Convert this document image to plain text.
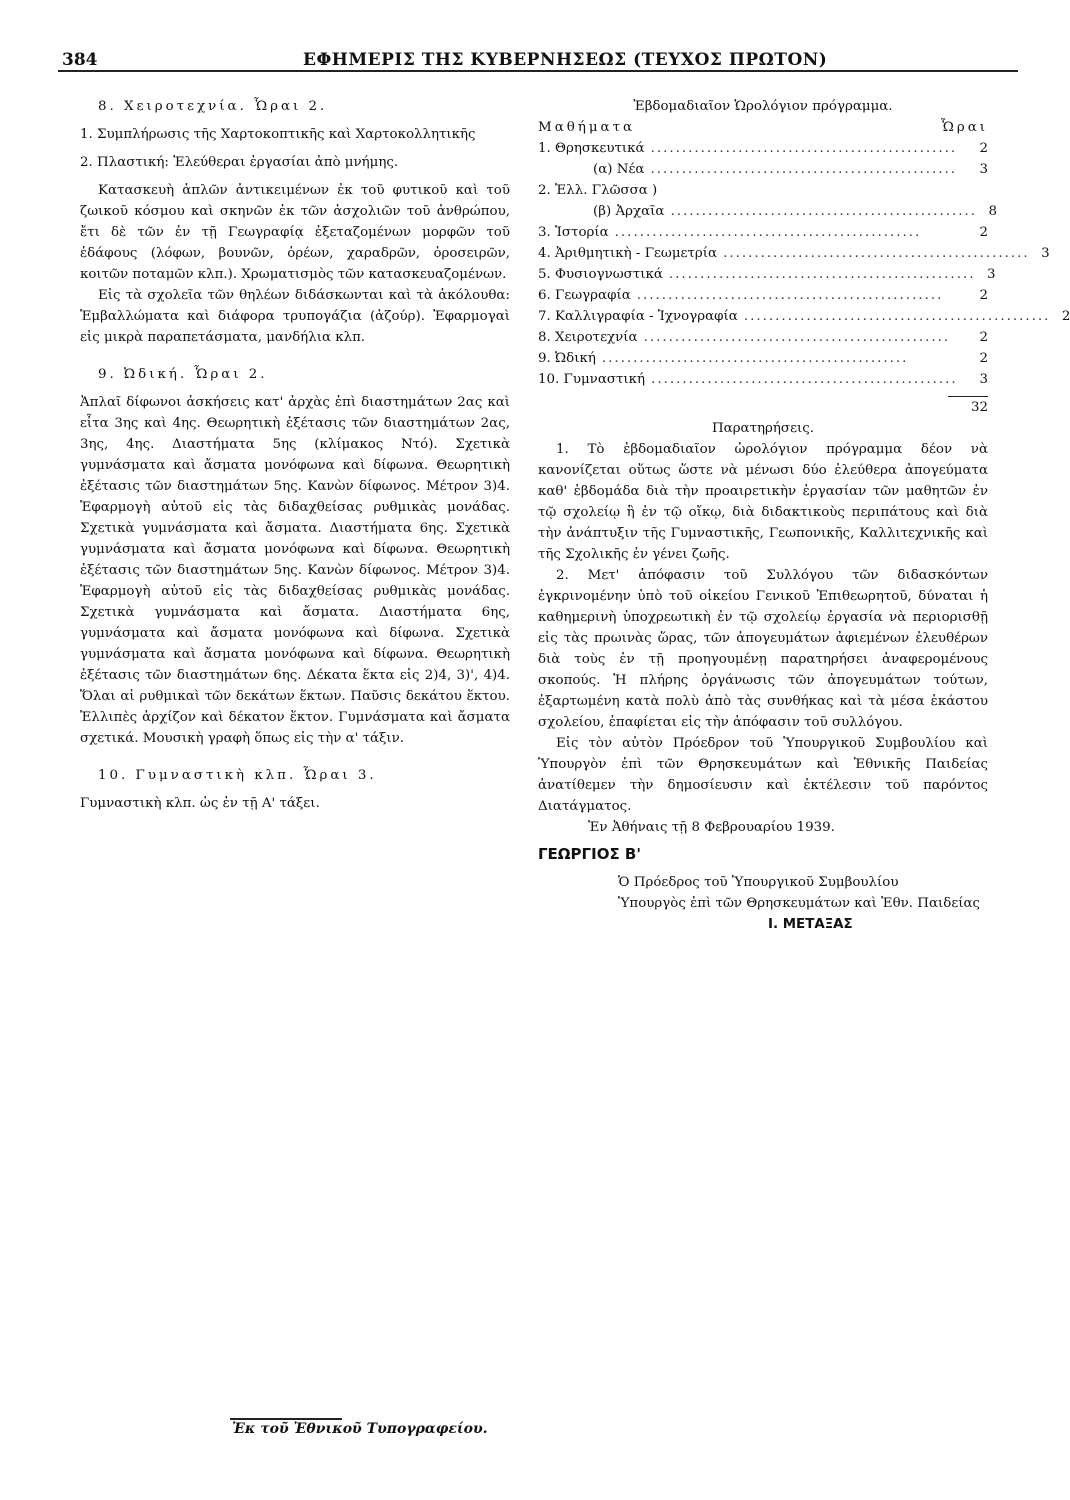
384	ΕΦΗΜΕΡΙΣ ΤΗΣ ΚΥΒΕΡΝΗΣΕΩΣ (ΤΕΥΧΟΣ ΠΡΩΤΟΝ)

8. Χειροτεχνία. Ὧραι 2.

1. Συμπλήρωσις τῆς Χαρτοκοπτικῆς καὶ Χαρτοκολλητικῆς

2. Πλαστική: Ἐλεύθεραι ἐργασίαι ἀπὸ μνήμης.

Κατασκευὴ ἁπλῶν ἀντικειμένων ἐκ τοῦ φυτικοῦ καὶ τοῦ ζωικοῦ κόσμου καὶ σκηνῶν ἐκ τῶν ἀσχολιῶν τοῦ ἀνθρώπου, ἔτι δὲ τῶν ἐν τῇ Γεωγραφίᾳ ἐξεταζομένων μορφῶν τοῦ ἐδάφους (λόφων, βουνῶν, ὀρέων, χαραδρῶν, ὀροσειρῶν, κοιτῶν ποταμῶν κλπ.). Χρωματισμὸς τῶν κατασκευαζομένων.

Εἰς τὰ σχολεῖα τῶν θηλέων διδάσκωνται καὶ τὰ ἀκόλουθα: Ἐμβαλλώματα καὶ διάφορα τρυπογάζια (ἀζούρ). Ἐφαρμογαὶ εἰς μικρὰ παραπετάσματα, μανδήλια κλπ.

9. Ὠδική. Ὧραι 2.

Ἁπλαῖ δίφωνοι ἀσκήσεις κατ' ἀρχὰς ἐπὶ διαστημάτων 2ας καὶ εἶτα 3ης καὶ 4ης. Θεωρητικὴ ἐξέτασις τῶν διαστημάτων 2ας, 3ης, 4ης. Διαστήματα 5ης (κλίμακος Ντό). Σχετικὰ γυμνάσματα καὶ ἄσματα μονόφωνα καὶ δίφωνα. Θεωρητικὴ ἐξέτασις τῶν διαστημάτων 5ης. Κανὼν δίφωνος. Μέτρον 3)4. Ἐφαρμογὴ αὐτοῦ εἰς τὰς διδαχθείσας ρυθμικὰς μονάδας. Σχετικὰ γυμνάσματα καὶ ἄσματα. Διαστήματα 6ης. Σχετικὰ γυμνάσματα καὶ ἄσματα μονόφωνα καὶ δίφωνα. Θεωρητικὴ ἐξέτασις τῶν διαστημάτων 5ης. Κανὼν δίφωνος. Μέτρον 3)4. Ἐφαρμογὴ αὐτοῦ εἰς τὰς διδαχθείσας ρυθμικὰς μονάδας. Σχετικὰ γυμνάσματα καὶ ἄσματα. Διαστήματα 6ης, γυμνάσματα καὶ ἄσματα μονόφωνα καὶ δίφωνα. Σχετικὰ γυμνάσματα καὶ ἄσματα μονόφωνα καὶ δίφωνα. Θεωρητικὴ ἐξέτασις τῶν διαστημάτων 6ης. Δέκατα ἕκτα εἰς 2)4, 3)', 4)4. Ὅλαι αἱ ρυθμικαὶ τῶν δεκάτων ἕκτων. Παῦσις δεκάτου ἕκτου. Ἐλλιπὲς ἀρχίζον καὶ δέκατον ἕκτον. Γυμνάσματα καὶ ἄσματα σχετικά. Μουσικὴ γραφὴ ὅπως εἰς τὴν α' τάξιν.

10. Γυμναστικὴ κλπ. Ὧραι 3.

Γυμναστικὴ κλπ. ὡς ἐν τῇ Α' τάξει.

Ἑβδομαδιαῖον Ὡρολόγιον πρόγραμμα.

Μαθήματα	Ὧραι
1. Θρησκευτικά .................................................	2
(α) Νέα .................................................	3
2. Ἑλλ. Γλῶσσα )
(β) Ἀρχαῖα ................................................. 8
3. Ἱστορία .................................................	2
4. Ἀριθμητικὴ - Γεωμετρία ................................................. 3
5. Φυσιογνωστικά ................................................. 3
6. Γεωγραφία .................................................	2
7. Καλλιγραφία - Ἰχνογραφία ................................................. 2
8. Χειροτεχνία .................................................	2
9. Ὠδική .................................................	2
10. Γυμναστική .................................................	3
32

Παρατηρήσεις.

1. Τὸ ἑβδομαδιαῖον ὡρολόγιον πρόγραμμα δέον νὰ κανονίζεται οὕτως ὥστε νὰ μένωσι δύο ἐλεύθερα ἀπογεύματα καθ' ἑβδομάδα διὰ τὴν προαιρετικὴν ἐργασίαν τῶν μαθητῶν ἐν τῷ σχολείῳ ἢ ἐν τῷ οἴκῳ, διὰ διδακτικοὺς περιπάτους καὶ διὰ τὴν ἀνάπτυξιν τῆς Γυμναστικῆς, Γεωπονικῆς, Καλλιτεχνικῆς καὶ τῆς Σχολικῆς ἐν γένει ζωῆς.

2. Μετ' ἀπόφασιν τοῦ Συλλόγου τῶν διδασκόντων ἐγκρινομένην ὑπὸ τοῦ οἰκείου Γενικοῦ Ἐπιθεωρητοῦ, δύναται ἡ καθημερινὴ ὑποχρεωτικὴ ἐν τῷ σχολείῳ ἐργασία νὰ περιορισθῇ εἰς τὰς πρωινὰς ὥρας, τῶν ἀπογευμάτων ἀφιεμένων ἐλευθέρων διὰ τοὺς ἐν τῇ προηγουμένῃ παρατηρήσει ἀναφερομένους σκοπούς. Ἡ πλήρης ὀργάνωσις τῶν ἀπογευμάτων τούτων, ἐξαρτωμένη κατὰ πολὺ ἀπὸ τὰς συνθήκας καὶ τὰ μέσα ἑκάστου σχολείου, ἐπαφίεται εἰς τὴν ἀπόφασιν τοῦ συλλόγου.

Εἰς τὸν αὐτὸν Πρόεδρον τοῦ Ὑπουργικοῦ Συμβουλίου καὶ Ὑπουργὸν ἐπὶ τῶν Θρησκευμάτων καὶ Ἐθνικῆς Παιδείας ἀνατίθεμεν τὴν δημοσίευσιν καὶ ἐκτέλεσιν τοῦ παρόντος Διατάγματος.

Ἐν Ἀθήναις τῇ 8 Φεβρουαρίου 1939.

ΓΕΩΡΓΙΟΣ Β'

Ὁ Πρόεδρος τοῦ Ὑπουργικοῦ Συμβουλίου

Ὑπουργὸς ἐπὶ τῶν Θρησκευμάτων καὶ Ἐθν. Παιδείας

Ι. ΜΕΤΑΞΑΣ

Ἐκ τοῦ Ἐθνικοῦ Τυπογραφείου.
